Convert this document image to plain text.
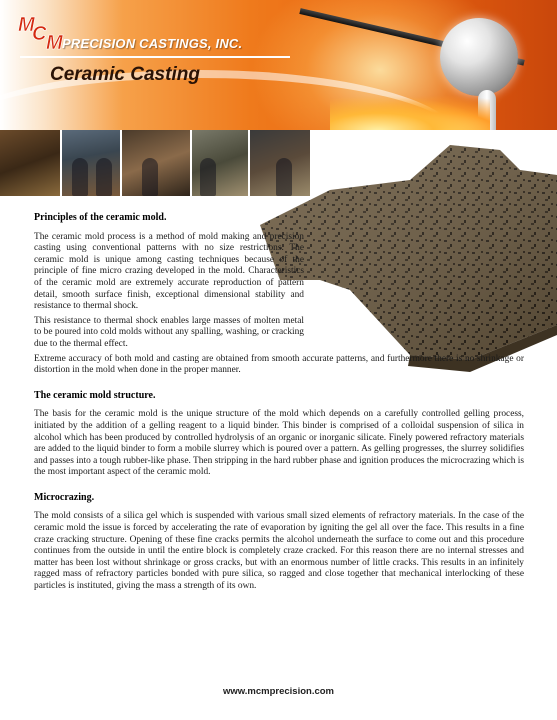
M
C M PRECISION CASTINGS, INC.
Ceramic Casting
Principles of the ceramic mold.

The ceramic mold process is a method of mold making and precision casting using conventional patterns with no size restrictions. The ceramic mold is unique among casting techniques because of the principle of fine micro crazing developed in the mold. Characteristics of the ceramic mold are extremely accurate reproduction of pattern detail, smooth surface finish, exceptional dimensional stability and resistance to thermal shock.

This resistance to thermal shock enables large masses of molten metal to be poured into cold molds without any spalling, washing, or cracking due to the thermal effect.

Extreme accuracy of both mold and casting are obtained from smooth accurate patterns, and furthermore there is no shrinkage or distortion in the mold when done in the proper manner.

The ceramic mold structure.

The basis for the ceramic mold is the unique structure of the mold which depends on a carefully controlled gelling process, initiated by the addition of a gelling reagent to a liquid binder. This binder is comprised of a colloidal suspension of silica in alcohol which has been produced by controlled hydrolysis of an organic or inorganic silicate. Finely powered refractory materials are added to the liquid binder to form a mobile slurrey which is poured over a pattern. As gelling progresses, the slurrey solidifies and passes into a tough rubber-like phase. Then stripping in the hard rubber phase and ignition produces the microcrazing which is the most important aspect of the ceramic mold.

Microcrazing.

The mold consists of a silica gel which is suspended with various small sized elements of refractory materials. In the case of the ceramic mold the issue is forced by accelerating the rate of evaporation by igniting the gel all over the face. This results in a fine craze cracking structure. Opening of these fine cracks permits the alcohol underneath the surface to come out and this procedure continues from the outside in until the entire block is completely craze cracked. For this reason there are no internal stresses and matter has been lost without shrinkage or gross cracks, but with an enormous number of little cracks. This results in an infinitely ragged mass of refractory particles bonded with pure silica, so ragged and close together that mechanical interlocking of these particles is instituted, giving the mass a strength of its own.

www.mcmprecision.com
